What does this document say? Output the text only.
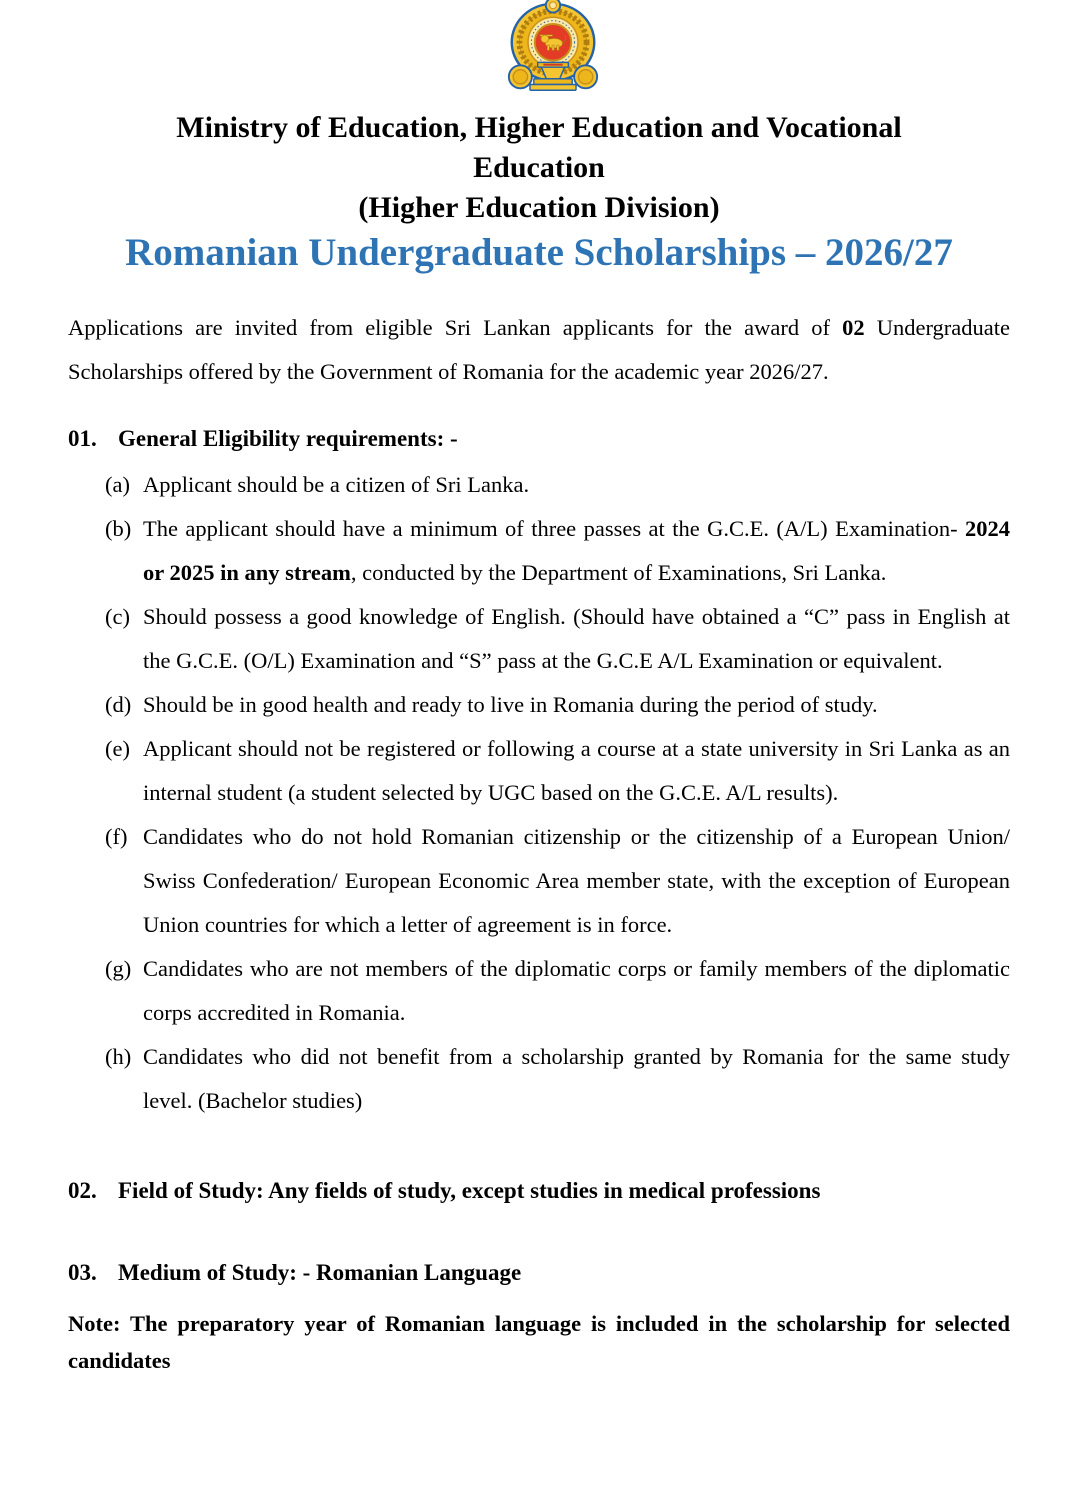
Ministry of Education, Higher Education and Vocational
Education
(Higher Education Division)
Romanian Undergraduate Scholarships – 2026/27

Applications are invited from eligible Sri Lankan applicants for the award of 02 Undergraduate Scholarships offered by the Government of Romania for the academic year 2026/27.

01. General Eligibility requirements: -
(a) Applicant should be a citizen of Sri Lanka.
(b) The applicant should have a minimum of three passes at the G.C.E. (A/L) Examination- 2024 or 2025 in any stream, conducted by the Department of Examinations, Sri Lanka.
(c) Should possess a good knowledge of English. (Should have obtained a “C” pass in English at the G.C.E. (O/L) Examination and “S” pass at the G.C.E A/L Examination or equivalent.
(d) Should be in good health and ready to live in Romania during the period of study.
(e) Applicant should not be registered or following a course at a state university in Sri Lanka as an internal student (a student selected by UGC based on the G.C.E. A/L results).
(f) Candidates who do not hold Romanian citizenship or the citizenship of a European Union/ Swiss Confederation/ European Economic Area member state, with the exception of European Union countries for which a letter of agreement is in force.
(g) Candidates who are not members of the diplomatic corps or family members of the diplomatic corps accredited in Romania.
(h) Candidates who did not benefit from a scholarship granted by Romania for the same study level. (Bachelor studies)
02. Field of Study: Any fields of study, except studies in medical professions
03. Medium of Study: - Romanian Language

Note: The preparatory year of Romanian language is included in the scholarship for selected candidates
